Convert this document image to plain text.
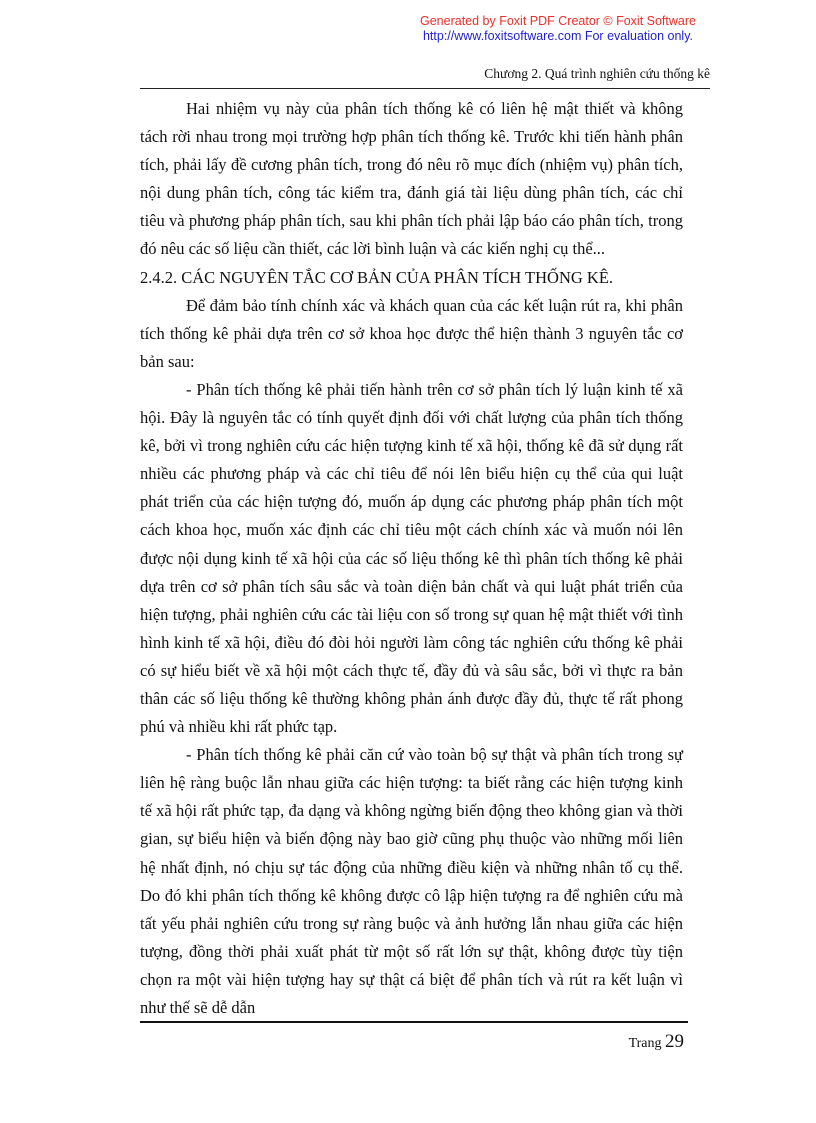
Generated by Foxit PDF Creator © Foxit Software
http://www.foxitsoftware.com For evaluation only.
Chương 2. Quá trình nghiên cứu thống kê

Hai nhiệm vụ này của phân tích thống kê có liên hệ mật thiết và không tách rời nhau trong mọi trường hợp phân tích thống kê. Trước khi tiến hành phân tích, phải lấy đề cương phân tích, trong đó nêu rõ mục đích (nhiệm vụ) phân tích, nội dung phân tích, công tác kiểm tra, đánh giá tài liệu dùng phân tích, các chỉ tiêu và phương pháp phân tích, sau khi phân tích phải lập báo cáo phân tích, trong đó nêu các số liệu cần thiết, các lời bình luận và các kiến nghị cụ thể...

2.4.2. CÁC NGUYÊN TẮC CƠ BẢN CỦA PHÂN TÍCH THỐNG KÊ.

Để đảm bảo tính chính xác và khách quan của các kết luận rút ra, khi phân tích thống kê phải dựa trên cơ sở khoa học được thể hiện thành 3 nguyên tắc cơ bản sau:

- Phân tích thống kê phải tiến hành trên cơ sở phân tích lý luận kinh tế xã hội. Đây là nguyên tắc có tính quyết định đối với chất lượng của phân tích thống kê, bởi vì trong nghiên cứu các hiện tượng kinh tế xã hội, thống kê đã sử dụng rất nhiều các phương pháp và các chỉ tiêu để nói lên biểu hiện cụ thể của qui luật phát triển của các hiện tượng đó, muốn áp dụng các phương pháp phân tích một cách khoa học, muốn xác định các chỉ tiêu một cách chính xác và muốn nói lên được nội dụng kinh tế xã hội của các số liệu thống kê thì phân tích thống kê phải dựa trên cơ sở phân tích sâu sắc và toàn diện bản chất và qui luật phát triển của hiện tượng, phải nghiên cứu các tài liệu con số trong sự quan hệ mật thiết với tình hình kinh tế xã hội, điều đó đòi hỏi người làm công tác nghiên cứu thống kê phải có sự hiểu biết về xã hội một cách thực tế, đầy đủ và sâu sắc, bởi vì thực ra bản thân các số liệu thống kê thường không phản ánh được đầy đủ, thực tế rất phong phú và nhiều khi rất phức tạp.

- Phân tích thống kê phải căn cứ vào toàn bộ sự thật và phân tích trong sự liên hệ ràng buộc lẫn nhau giữa các hiện tượng: ta biết rằng các hiện tượng kinh tế xã hội rất phức tạp, đa dạng và không ngừng biến động theo không gian và thời gian, sự biểu hiện và biến động này bao giờ cũng phụ thuộc vào những mối liên hệ nhất định, nó chịu sự tác động của những điều kiện và những nhân tố cụ thể. Do đó khi phân tích thống kê không được cô lập hiện tượng ra để nghiên cứu mà tất yếu phải nghiên cứu trong sự ràng buộc và ảnh hưởng lẫn nhau giữa các hiện tượng, đồng thời phải xuất phát từ một số rất lớn sự thật, không được tùy tiện chọn ra một vài hiện tượng hay sự thật cá biệt để phân tích và rút ra kết luận vì như thế sẽ dễ dẫn

Trang 29
